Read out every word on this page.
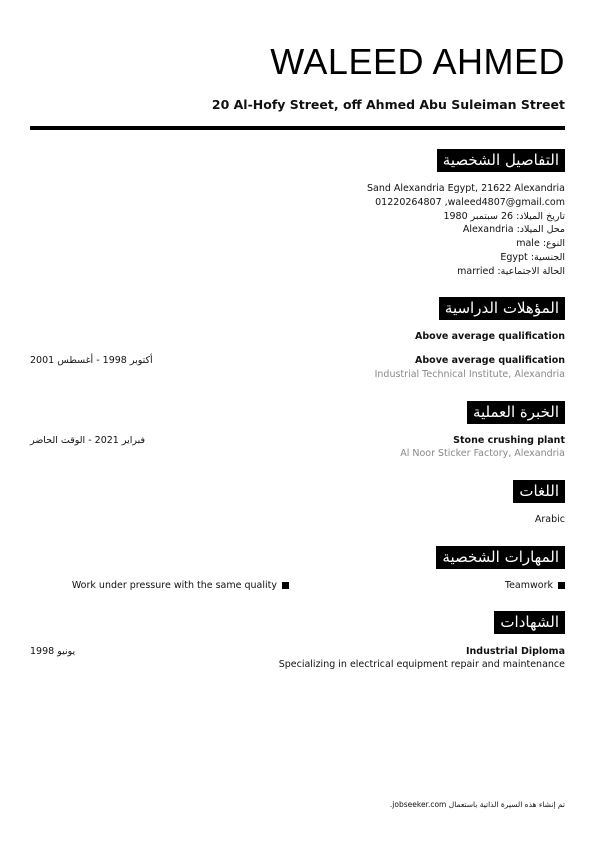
WALEED AHMED
20 Al-Hofy Street, off Ahmed Abu Suleiman Street
التفاصيل الشخصية
Sand Alexandria Egypt, 21622 Alexandria
01220264807 ,waleed4807@gmail.com
تاريخ الميلاد: 26 سبتمبر 1980
محل الميلاد: Alexandria
النوع: male
الجنسية: Egypt
الحالة الاجتماعية: married
المؤهلات الدراسية
Above average qualification
Above average qualification
أكتوبر 1998 - أغسطس 2001
Industrial Technical Institute, Alexandria
الخبرة العملية
Stone crushing plant
فبراير 2021 - الوقت الحاضر
Al Noor Sticker Factory, Alexandria
اللغات
Arabic
المهارات الشخصية
Teamwork
Work under pressure with the same quality
الشهادات
Industrial Diploma
يونيو 1998
Specializing in electrical equipment repair and maintenance
تم إنشاء هذه السيرة الذاتية باستعمال jobseeker.com.
